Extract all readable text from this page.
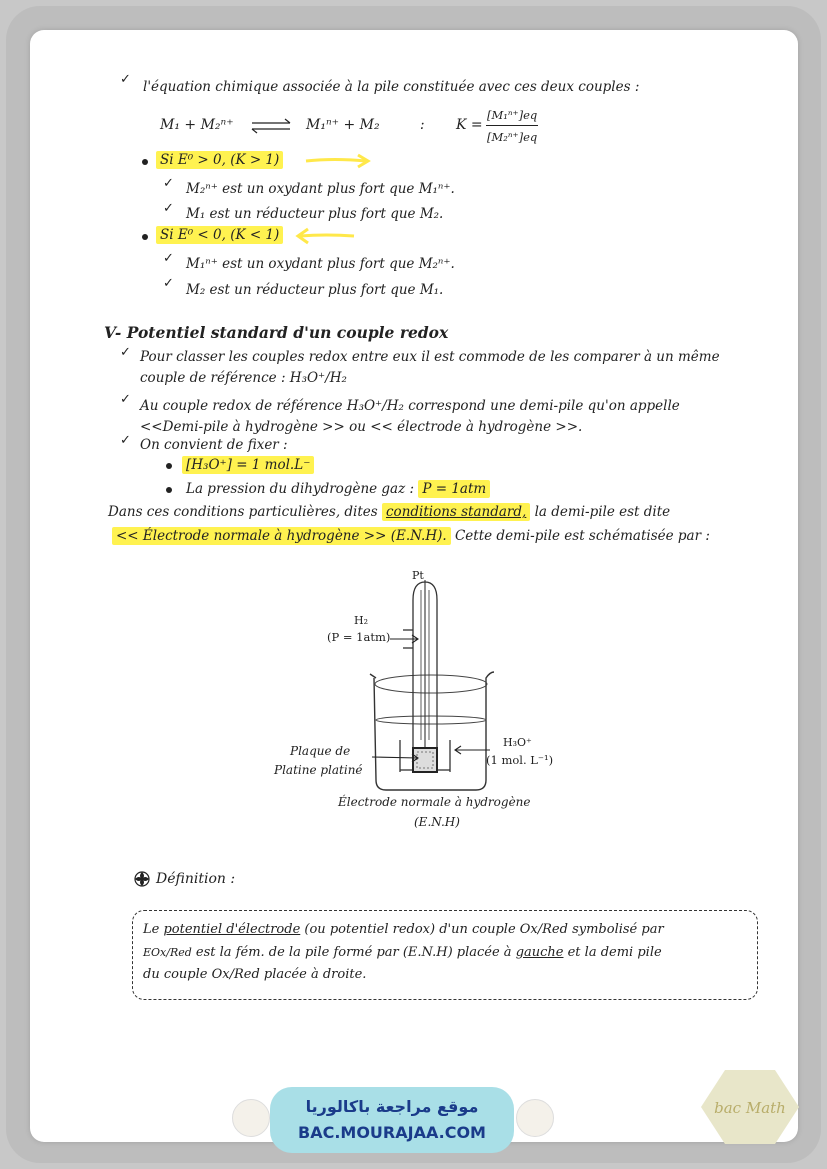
✓ l'équation chimique associée à la pile constituée avec ces deux couples :
M₁ + M₂ⁿ⁺ ⇌ M₁ⁿ⁺ + M₂	: K =
[M₁ⁿ⁺]eq
[M₂ⁿ⁺]eq
Si E⁰ > 0, (K > 1)
✓ M₂ⁿ⁺ est un oxydant plus fort que M₁ⁿ⁺.
✓ M₁ est un réducteur plus fort que M₂.
Si E⁰ < 0, (K < 1)
✓ M₁ⁿ⁺ est un oxydant plus fort que M₂ⁿ⁺.
✓ M₂ est un réducteur plus fort que M₁.
V- Potentiel standard d'un couple redox
✓ Pour classer les couples redox entre eux il est commode de les comparer à un même
couple de référence : H₃O⁺/H₂
✓ Au couple redox de référence H₃O⁺/H₂ correspond une demi-pile qu'on appelle
<<Demi-pile à hydrogène >> ou << électrode à hydrogène >>.
✓ On convient de fixer :
[H₃O⁺] = 1 mol.L⁻
La pression du dihydrogène gaz : P = 1atm
Dans ces conditions particulières, dites conditions standard, la demi-pile est dite
<< Électrode normale à hydrogène >> (E.N.H). Cette demi-pile est schématisée par :
Pt
H₂
(P = 1atm)
H₃O⁺
(1 mol. L⁻¹)
Plaque de
Platine platiné
Électrode normale à hydrogène
(E.N.H)
Définition :
Le potentiel d'électrode (ou potentiel redox) d'un couple Ox/Red symbolisé par
EOx/Red est la fém. de la pile formé par (E.N.H) placée à gauche et la demi pile
du couple Ox/Red placée à droite.
موقع مراجعة باكالوريا
BAC.MOURAJAA.COM
bac Math
